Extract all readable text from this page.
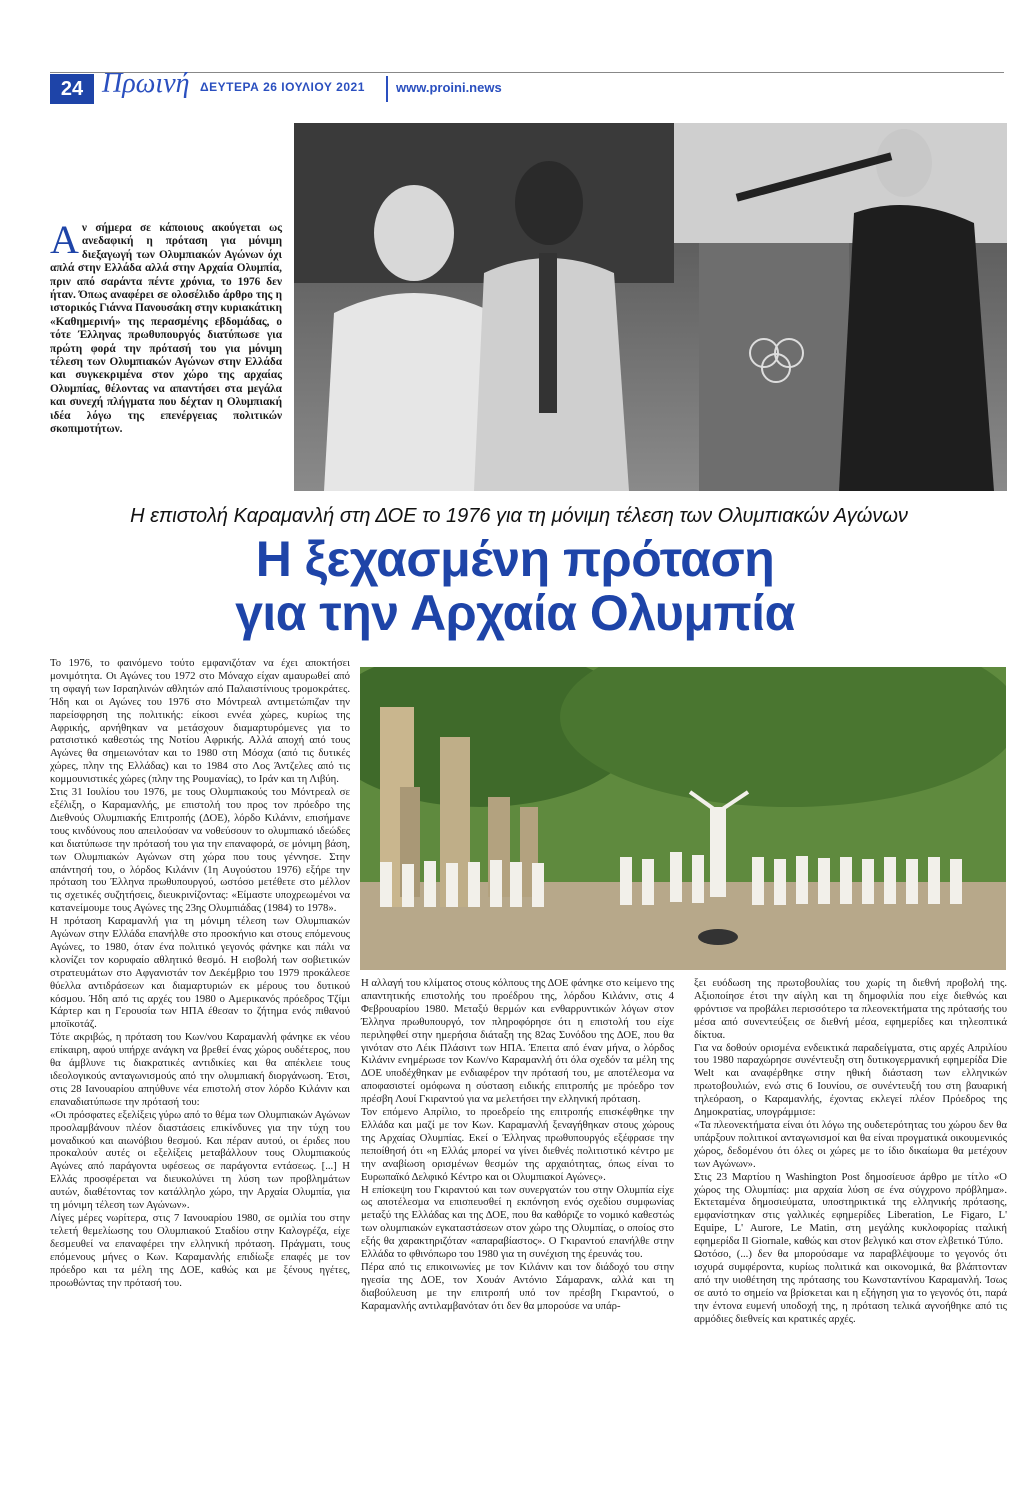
24 Πρωινή ΔΕΥΤΕΡΑ 26 ΙΟΥΛΙΟΥ 2021 www.proini.news
Αν σήμερα σε κάποιους ακούγεται ως ανεδαφική η πρόταση για μόνιμη διεξαγωγή των Ολυμπιακών Αγώνων όχι απλά στην Ελλάδα αλλά στην Αρχαία Ολυμπία, πριν από σαράντα πέντε χρόνια, το 1976 δεν ήταν. Όπως αναφέρει σε ολοσέλιδο άρθρο της η ιστορικός Γιάννα Πανουσάκη στην κυριακάτικη «Καθημερινή» της περασμένης εβδομάδας, ο τότε Έλληνας πρωθυπουργός διατύπωσε για πρώτη φορά την πρότασή του για μόνιμη τέλεση των Ολυμπιακών Αγώνων στην Ελλάδα και συγκεκριμένα στον χώρο της αρχαίας Ολυμπίας, θέλοντας να απαντήσει στα μεγάλα και συνεχή πλήγματα που δέχταν η Ολυμπιακή ιδέα λόγω της επενέργειας πολιτικών σκοπιμοτήτων.
Η επιστολή Καραμανλή στη ΔΟΕ το 1976 για τη μόνιμη τέλεση των Ολυμπιακών Αγώνων
Η ξεχασμένη πρόταση
για την Αρχαία Ολυμπία

Το 1976, το φαινόμενο τούτο εμφανιζόταν να έχει αποκτήσει μονιμότητα. Οι Αγώνες του 1972 στο Μόναχο είχαν αμαυρωθεί από τη σφαγή των Ισραηλινών αθλητών από Παλαιστίνιους τρομοκράτες. Ήδη και οι Αγώνες του 1976 στο Μόντρεαλ αντιμετώπιζαν την παρείσφρηση της πολιτικής: είκοσι εννέα χώρες, κυρίως της Αφρικής, αρνήθηκαν να μετάσχουν διαμαρτυρόμενες για το ρατσιστικό καθεστώς της Νοτίου Αφρικής. Αλλά αποχή από τους Αγώνες θα σημειωνόταν και το 1980 στη Μόσχα (από τις δυτικές χώρες, πλην της Ελλάδας) και το 1984 στο Λος Άντζελες από τις κομμουνιστικές χώρες (πλην της Ρουμανίας), το Ιράν και τη Λιβύη.

Στις 31 Ιουλίου του 1976, με τους Ολυμπιακούς του Μόντρεαλ σε εξέλιξη, ο Καραμανλής, με επιστολή του προς τον πρόεδρο της Διεθνούς Ολυμπιακής Επιτροπής (ΔΟΕ), λόρδο Κιλάνιν, επισήμανε τους κινδύνους που απειλούσαν να νοθεύσουν το ολυμπιακό ιδεώδες και διατύπωσε την πρότασή του για την επαναφορά, σε μόνιμη βάση, των Ολυμπιακών Αγώνων στη χώρα που τους γέννησε. Στην απάντησή του, ο λόρδος Κιλάνιν (1η Αυγούστου 1976) εξήρε την πρόταση του Έλληνα πρωθυπουργού, ωστόσο μετέθετε στο μέλλον τις σχετικές συζητήσεις, διευκρινίζοντας: «Είμαστε υποχρεωμένοι να κατανείμουμε τους Αγώνες της 23ης Ολυμπιάδας (1984) το 1978».

Η πρόταση Καραμανλή για τη μόνιμη τέλεση των Ολυμπιακών Αγώνων στην Ελλάδα επανήλθε στο προσκήνιο και στους επόμενους Αγώνες, το 1980, όταν ένα πολιτικό γεγονός φάνηκε και πάλι να κλονίζει τον κορυφαίο αθλητικό θεσμό. Η εισβολή των σοβιετικών στρατευμάτων στο Αφγανιστάν τον Δεκέμβριο του 1979 προκάλεσε θύελλα αντιδράσεων και διαμαρτυριών εκ μέρους του δυτικού κόσμου. Ήδη από τις αρχές του 1980 ο Αμερικανός πρόεδρος Τζίμι Κάρτερ και η Γερουσία των ΗΠΑ έθεσαν το ζήτημα ενός πιθανού μποϊκοτάζ.

Τότε ακριβώς, η πρόταση του Κων/νου Καραμανλή φάνηκε εκ νέου επίκαιρη, αφού υπήρχε ανάγκη να βρεθεί ένας χώρος ουδέτερος, που θα άμβλυνε τις διακρατικές αντιδικίες και θα απέκλειε τους ιδεολογικούς ανταγωνισμούς από την ολυμπιακή διοργάνωση. Έτσι, στις 28 Ιανουαρίου απηύθυνε νέα επιστολή στον λόρδο Κιλάνιν και επαναδιατύπωσε την πρότασή του:

«Οι πρόσφατες εξελίξεις γύρω από το θέμα των Ολυμπιακών Αγώνων προσλαμβάνουν πλέον διαστάσεις επικίνδυνες για την τύχη του μοναδικού και αιωνόβιου θεσμού. Και πέραν αυτού, οι έριδες που προκαλούν αυτές οι εξελίξεις μεταβάλλουν τους Ολυμπιακούς Αγώνες από παράγοντα υφέσεως σε παράγοντα εντάσεως. [...] Η Ελλάς προσφέρεται να διευκολύνει τη λύση των προβλημάτων αυτών, διαθέτοντας τον κατάλληλο χώρο, την Αρχαία Ολυμπία, για τη μόνιμη τέλεση των Αγώνων».

Λίγες μέρες νωρίτερα, στις 7 Ιανουαρίου 1980, σε ομιλία του στην τελετή θεμελίωσης του Ολυμπιακού Σταδίου στην Καλογρέζα, είχε δεσμευθεί να επαναφέρει την ελληνική πρόταση. Πράγματι, τους επόμενους μήνες ο Κων. Καραμανλής επιδίωξε επαφές με τον πρόεδρο και τα μέλη της ΔΟΕ, καθώς και με ξένους ηγέτες, προωθώντας την πρότασή του.

Η αλλαγή του κλίματος στους κόλπους της ΔΟΕ φάνηκε στο κείμενο της απαντητικής επιστολής του προέδρου της, λόρδου Κιλάνιν, στις 4 Φεβρουαρίου 1980. Μεταξύ θερμών και ενθαρρυντικών λόγων στον Έλληνα πρωθυπουργό, τον πληροφόρησε ότι η επιστολή του είχε περιληφθεί στην ημερήσια διάταξη της 82ας Συνόδου της ΔΟΕ, που θα γινόταν στο Λέικ Πλάσιντ των ΗΠΑ. Έπειτα από έναν μήνα, ο λόρδος Κιλάνιν ενημέρωσε τον Κων/νο Καραμανλή ότι όλα σχεδόν τα μέλη της ΔΟΕ υποδέχθηκαν με ενδιαφέρον την πρότασή του, με αποτέλεσμα να αποφασιστεί ομόφωνα η σύσταση ειδικής επιτροπής με πρόεδρο τον πρέσβη Λουί Γκιραντού για να μελετήσει την ελληνική πρόταση.

Τον επόμενο Απρίλιο, το προεδρείο της επιτροπής επισκέφθηκε την Ελλάδα και μαζί με τον Κων. Καραμανλή ξεναγήθηκαν στους χώρους της Αρχαίας Ολυμπίας. Εκεί ο Έλληνας πρωθυπουργός εξέφρασε την πεποίθησή ότι «η Ελλάς μπορεί να γίνει διεθνές πολιτιστικό κέντρο με την αναβίωση ορισμένων θεσμών της αρχαιότητας, όπως είναι το Ευρωπαϊκό Δελφικό Κέντρο και οι Ολυμπιακοί Αγώνες».

Η επίσκεψη του Γκιραντού και των συνεργατών του στην Ολυμπία είχε ως αποτέλεσμα να επισπευσθεί η εκπόνηση ενός σχεδίου συμφωνίας μεταξύ της Ελλάδας και της ΔΟΕ, που θα καθόριζε το νομικό καθεστώς των ολυμπιακών εγκαταστάσεων στον χώρο της Ολυμπίας, ο οποίος στο εξής θα χαρακτηριζόταν «απαραβίαστος». Ο Γκιραντού επανήλθε στην Ελλάδα το φθινόπωρο του 1980 για τη συνέχιση της έρευνάς του.

Πέρα από τις επικοινωνίες με τον Κιλάνιν και τον διάδοχό του στην ηγεσία της ΔΟΕ, τον Χουάν Αντόνιο Σάμαρανκ, αλλά και τη διαβούλευση με την επιτροπή υπό τον πρέσβη Γκιραντού, ο Καραμανλής αντιλαμβανόταν ότι δεν θα μπορούσε να υπάρ-

ξει ευόδωση της πρωτοβουλίας του χωρίς τη διεθνή προβολή της. Αξιοποίησε έτσι την αίγλη και τη δημοφιλία που είχε διεθνώς και φρόντισε να προβάλει περισσότερο τα πλεονεκτήματα της πρότασής του μέσα από συνεντεύξεις σε διεθνή μέσα, εφημερίδες και τηλεοπτικά δίκτυα.

Για να δοθούν ορισμένα ενδεικτικά παραδείγματα, στις αρχές Απριλίου του 1980 παραχώρησε συνέντευξη στη δυτικογερμανική εφημερίδα Die Welt και αναφέρθηκε στην ηθική διάσταση των ελληνικών πρωτοβουλιών, ενώ στις 6 Ιουνίου, σε συνέντευξή του στη βαυαρική τηλεόραση, ο Καραμανλής, έχοντας εκλεγεί πλέον Πρόεδρος της Δημοκρατίας, υπογράμμισε:

«Τα πλεονεκτήματα είναι ότι λόγω της ουδετερότητας του χώρου δεν θα υπάρξουν πολιτικοί ανταγωνισμοί και θα είναι προγματικά οικουμενικός χώρος, δεδομένου ότι όλες οι χώρες με το ίδιο δικαίωμα θα μετέχουν των Αγώνων».

Στις 23 Μαρτίου η Washington Post δημοσίευσε άρθρο με τίτλο «Ο χώρος της Ολυμπίας: μια αρχαία λύση σε ένα σύγχρονο πρόβλημα». Εκτεταμένα δημοσιεύματα, υποστηρικτικά της ελληνικής πρότασης, εμφανίστηκαν στις γαλλικές εφημερίδες Liberation, Le Figaro, L' Equipe, L' Aurore, Le Matin, στη μεγάλης κυκλοφορίας ιταλική εφημερίδα Il Giornale, καθώς και στον βελγικό και στον ελβετικό Τύπο.

Ωστόσο, (...) δεν θα μπορούσαμε να παραβλέψουμε το γεγονός ότι ισχυρά συμφέροντα, κυρίως πολιτικά και οικονομικά, θα βλάπτονταν από την υιοθέτηση της πρότασης του Κωνσταντίνου Καραμανλή. Ίσως σε αυτό το σημείο να βρίσκεται και η εξήγηση για το γεγονός ότι, παρά την έντονα ευμενή υποδοχή της, η πρόταση τελικά αγνοήθηκε από τις αρμόδιες διεθνείς και κρατικές αρχές.
